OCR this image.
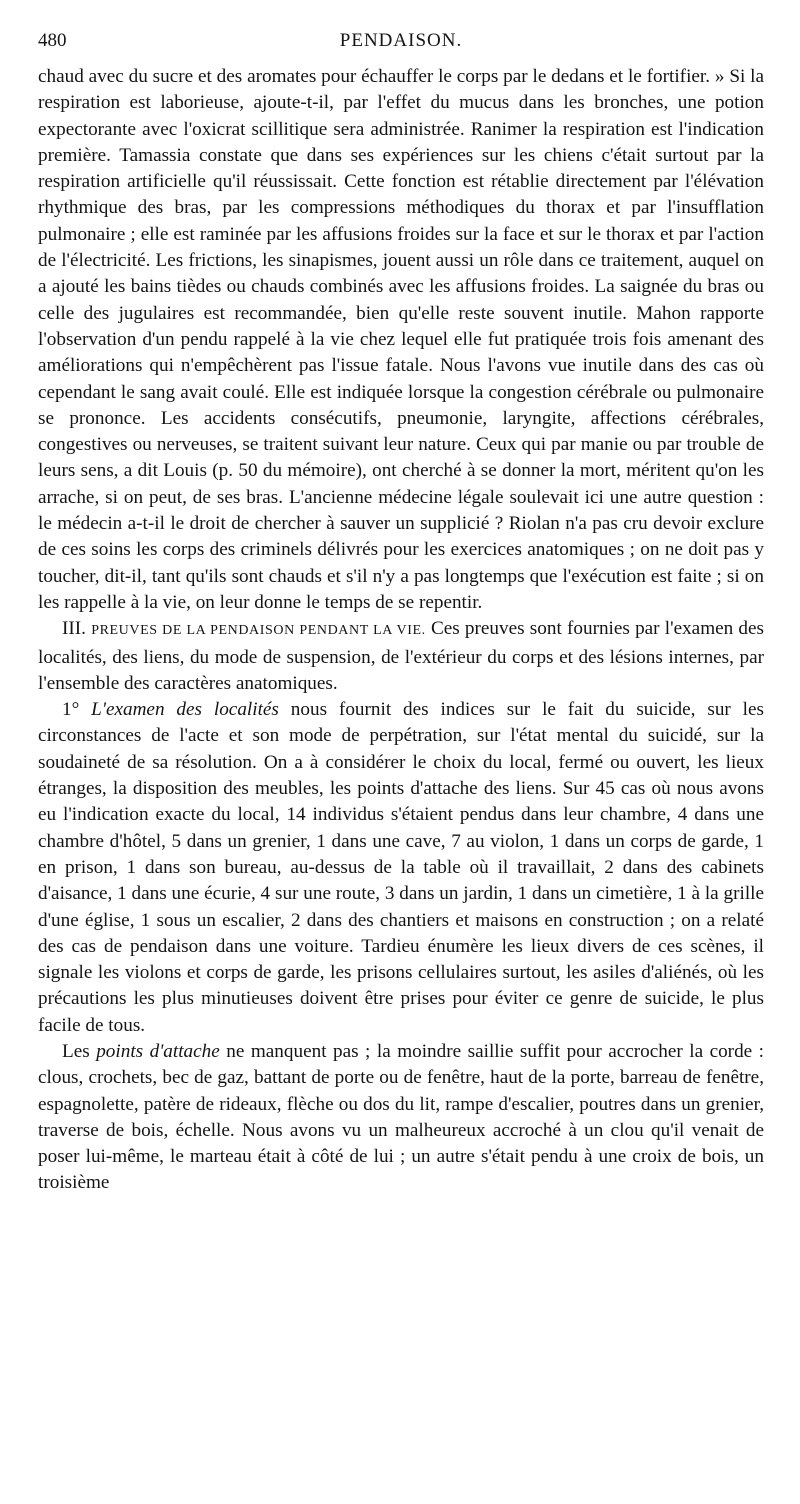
480	PENDAISON.

chaud avec du sucre et des aromates pour échauffer le corps par le dedans et le fortifier. » Si la respiration est laborieuse, ajoute-t-il, par l'effet du mucus dans les bronches, une potion expectorante avec l'oxicrat scillitique sera administrée. Ranimer la respiration est l'indication première. Tamassia constate que dans ses expériences sur les chiens c'était surtout par la respiration artificielle qu'il réussissait. Cette fonction est rétablie directement par l'élévation rhythmique des bras, par les compressions méthodiques du thorax et par l'insufflation pulmonaire ; elle est raminée par les affusions froides sur la face et sur le thorax et par l'action de l'électricité. Les frictions, les sinapismes, jouent aussi un rôle dans ce traitement, auquel on a ajouté les bains tièdes ou chauds combinés avec les affusions froides. La saignée du bras ou celle des jugulaires est recommandée, bien qu'elle reste souvent inutile. Mahon rapporte l'observation d'un pendu rappelé à la vie chez lequel elle fut pratiquée trois fois amenant des améliorations qui n'empêchèrent pas l'issue fatale. Nous l'avons vue inutile dans des cas où cependant le sang avait coulé. Elle est indiquée lorsque la congestion cérébrale ou pulmonaire se prononce. Les accidents consécutifs, pneumonie, laryngite, affections cérébrales, congestives ou nerveuses, se traitent suivant leur nature. Ceux qui par manie ou par trouble de leurs sens, a dit Louis (p. 50 du mémoire), ont cherché à se donner la mort, méritent qu'on les arrache, si on peut, de ses bras. L'ancienne médecine légale soulevait ici une autre question : le médecin a-t-il le droit de chercher à sauver un supplicié ? Riolan n'a pas cru devoir exclure de ces soins les corps des criminels délivrés pour les exercices anatomiques ; on ne doit pas y toucher, dit-il, tant qu'ils sont chauds et s'il n'y a pas longtemps que l'exécution est faite ; si on les rappelle à la vie, on leur donne le temps de se repentir.

III. PREUVES DE LA PENDAISON PENDANT LA VIE. Ces preuves sont fournies par l'examen des localités, des liens, du mode de suspension, de l'extérieur du corps et des lésions internes, par l'ensemble des caractères anatomiques.

1° L'examen des localités nous fournit des indices sur le fait du suicide, sur les circonstances de l'acte et son mode de perpétration, sur l'état mental du suicidé, sur la soudaineté de sa résolution. On a à considérer le choix du local, fermé ou ouvert, les lieux étranges, la disposition des meubles, les points d'attache des liens. Sur 45 cas où nous avons eu l'indication exacte du local, 14 individus s'étaient pendus dans leur chambre, 4 dans une chambre d'hôtel, 5 dans un grenier, 1 dans une cave, 7 au violon, 1 dans un corps de garde, 1 en prison, 1 dans son bureau, au-dessus de la table où il travaillait, 2 dans des cabinets d'aisance, 1 dans une écurie, 4 sur une route, 3 dans un jardin, 1 dans un cimetière, 1 à la grille d'une église, 1 sous un escalier, 2 dans des chantiers et maisons en construction ; on a relaté des cas de pendaison dans une voiture. Tardieu énumère les lieux divers de ces scènes, il signale les violons et corps de garde, les prisons cellulaires surtout, les asiles d'aliénés, où les précautions les plus minutieuses doivent être prises pour éviter ce genre de suicide, le plus facile de tous.

Les points d'attache ne manquent pas ; la moindre saillie suffit pour accrocher la corde : clous, crochets, bec de gaz, battant de porte ou de fenêtre, haut de la porte, barreau de fenêtre, espagnolette, patère de rideaux, flèche ou dos du lit, rampe d'escalier, poutres dans un grenier, traverse de bois, échelle. Nous avons vu un malheureux accroché à un clou qu'il venait de poser lui-même, le marteau était à côté de lui ; un autre s'était pendu à une croix de bois, un troisième
